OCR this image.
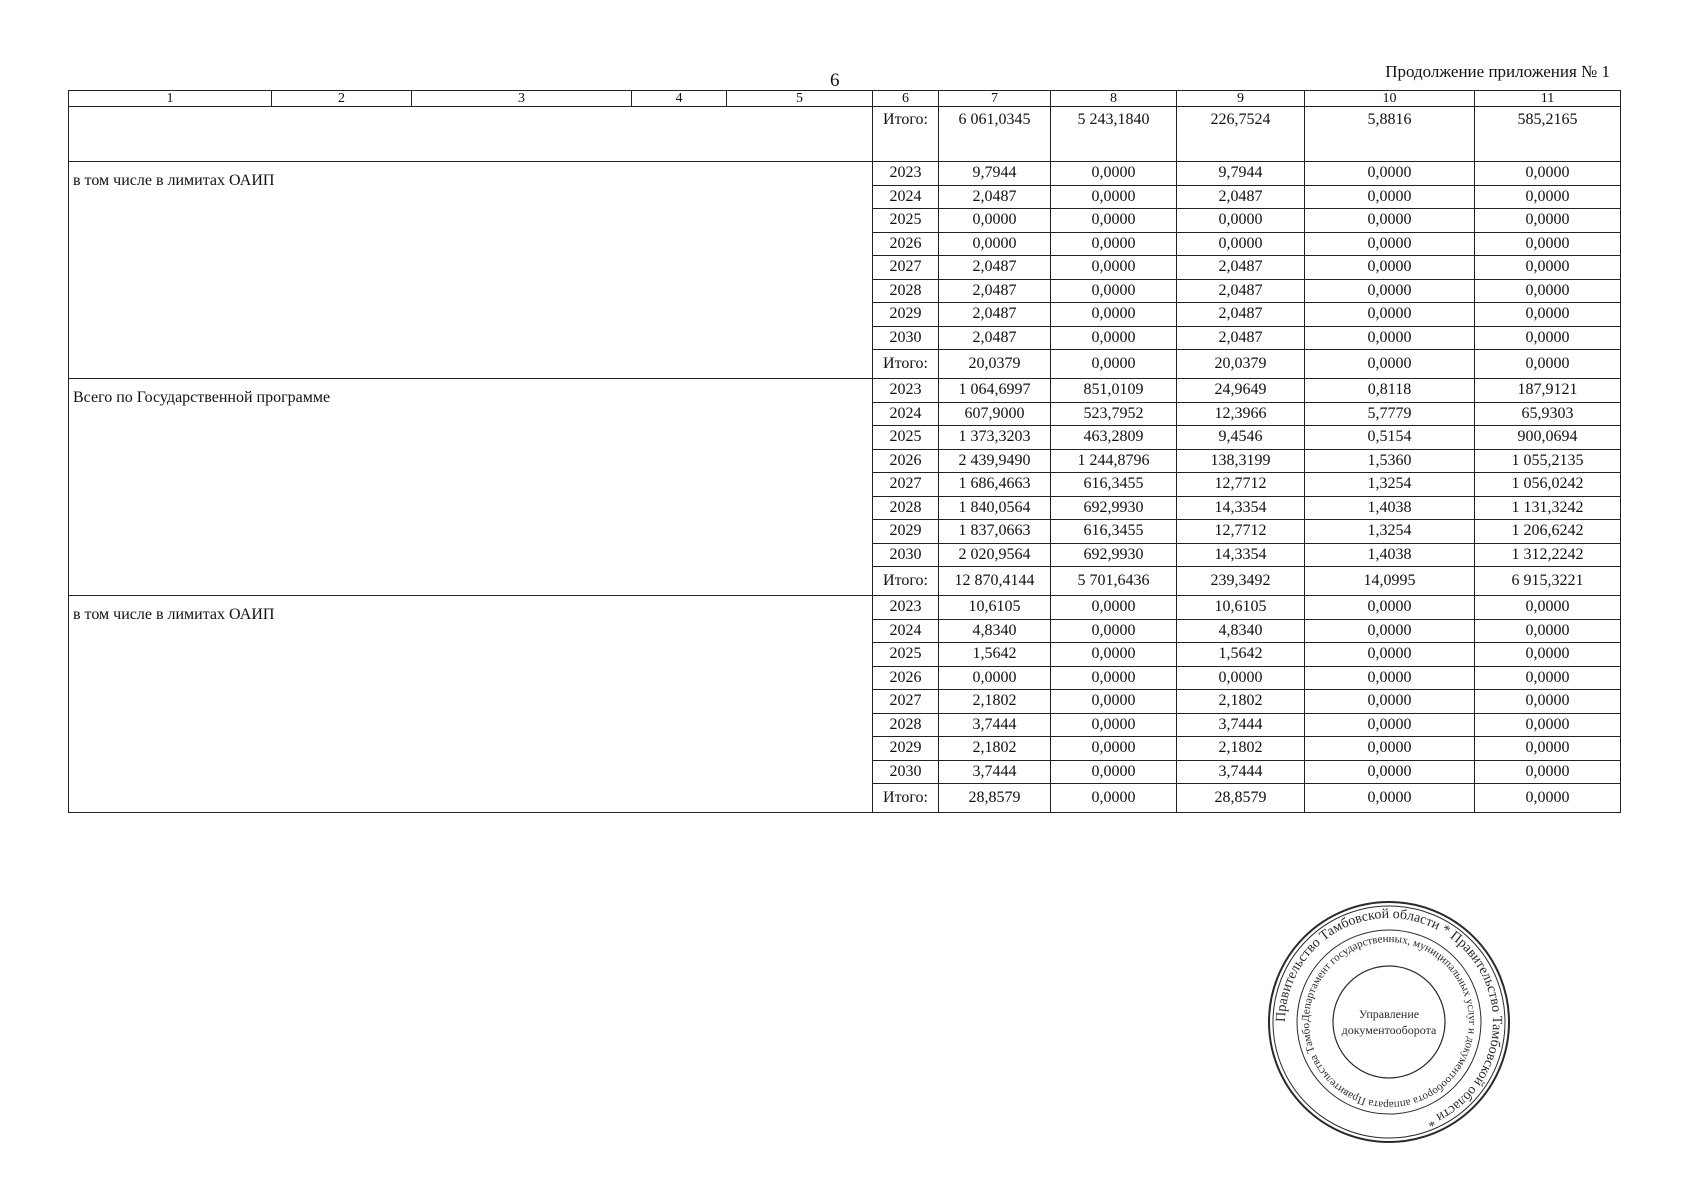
6	Продолжение приложения № 1
1	2	3	4	5	6	7	8	9	10	11
					Итого:	6 061,0345	5 243,1840	226,7524	5,8816	585,2165
в том числе в лимитах ОАИП					2023	9,7944	0,0000	9,7944	0,0000	0,0000
					2024	2,0487	0,0000	2,0487	0,0000	0,0000
					2025	0,0000	0,0000	0,0000	0,0000	0,0000
					2026	0,0000	0,0000	0,0000	0,0000	0,0000
					2027	2,0487	0,0000	2,0487	0,0000	0,0000
					2028	2,0487	0,0000	2,0487	0,0000	0,0000
					2029	2,0487	0,0000	2,0487	0,0000	0,0000
					2030	2,0487	0,0000	2,0487	0,0000	0,0000
					Итого:	20,0379	0,0000	20,0379	0,0000	0,0000
Всего по Государственной программе					2023	1 064,6997	851,0109	24,9649	0,8118	187,9121
					2024	607,9000	523,7952	12,3966	5,7779	65,9303
					2025	1 373,3203	463,2809	9,4546	0,5154	900,0694
					2026	2 439,9490	1 244,8796	138,3199	1,5360	1 055,2135
					2027	1 686,4663	616,3455	12,7712	1,3254	1 056,0242
					2028	1 840,0564	692,9930	14,3354	1,4038	1 131,3242
					2029	1 837,0663	616,3455	12,7712	1,3254	1 206,6242
					2030	2 020,9564	692,9930	14,3354	1,4038	1 312,2242
					Итого:	12 870,4144	5 701,6436	239,3492	14,0995	6 915,3221
в том числе в лимитах ОАИП					2023	10,6105	0,0000	10,6105	0,0000	0,0000
					2024	4,8340	0,0000	4,8340	0,0000	0,0000
					2025	1,5642	0,0000	1,5642	0,0000	0,0000
					2026	0,0000	0,0000	0,0000	0,0000	0,0000
					2027	2,1802	0,0000	2,1802	0,0000	0,0000
					2028	3,7444	0,0000	3,7444	0,0000	0,0000
					2029	2,1802	0,0000	2,1802	0,0000	0,0000
					2030	3,7444	0,0000	3,7444	0,0000	0,0000
					Итого:	28,8579	0,0000	28,8579	0,0000	0,0000
Правительство Тамбовской области * Правительство Тамбовской области *
Департамент государственных, муниципальных услуг и документооборота аппарата Правительства Тамбо
Управление
документооборота
